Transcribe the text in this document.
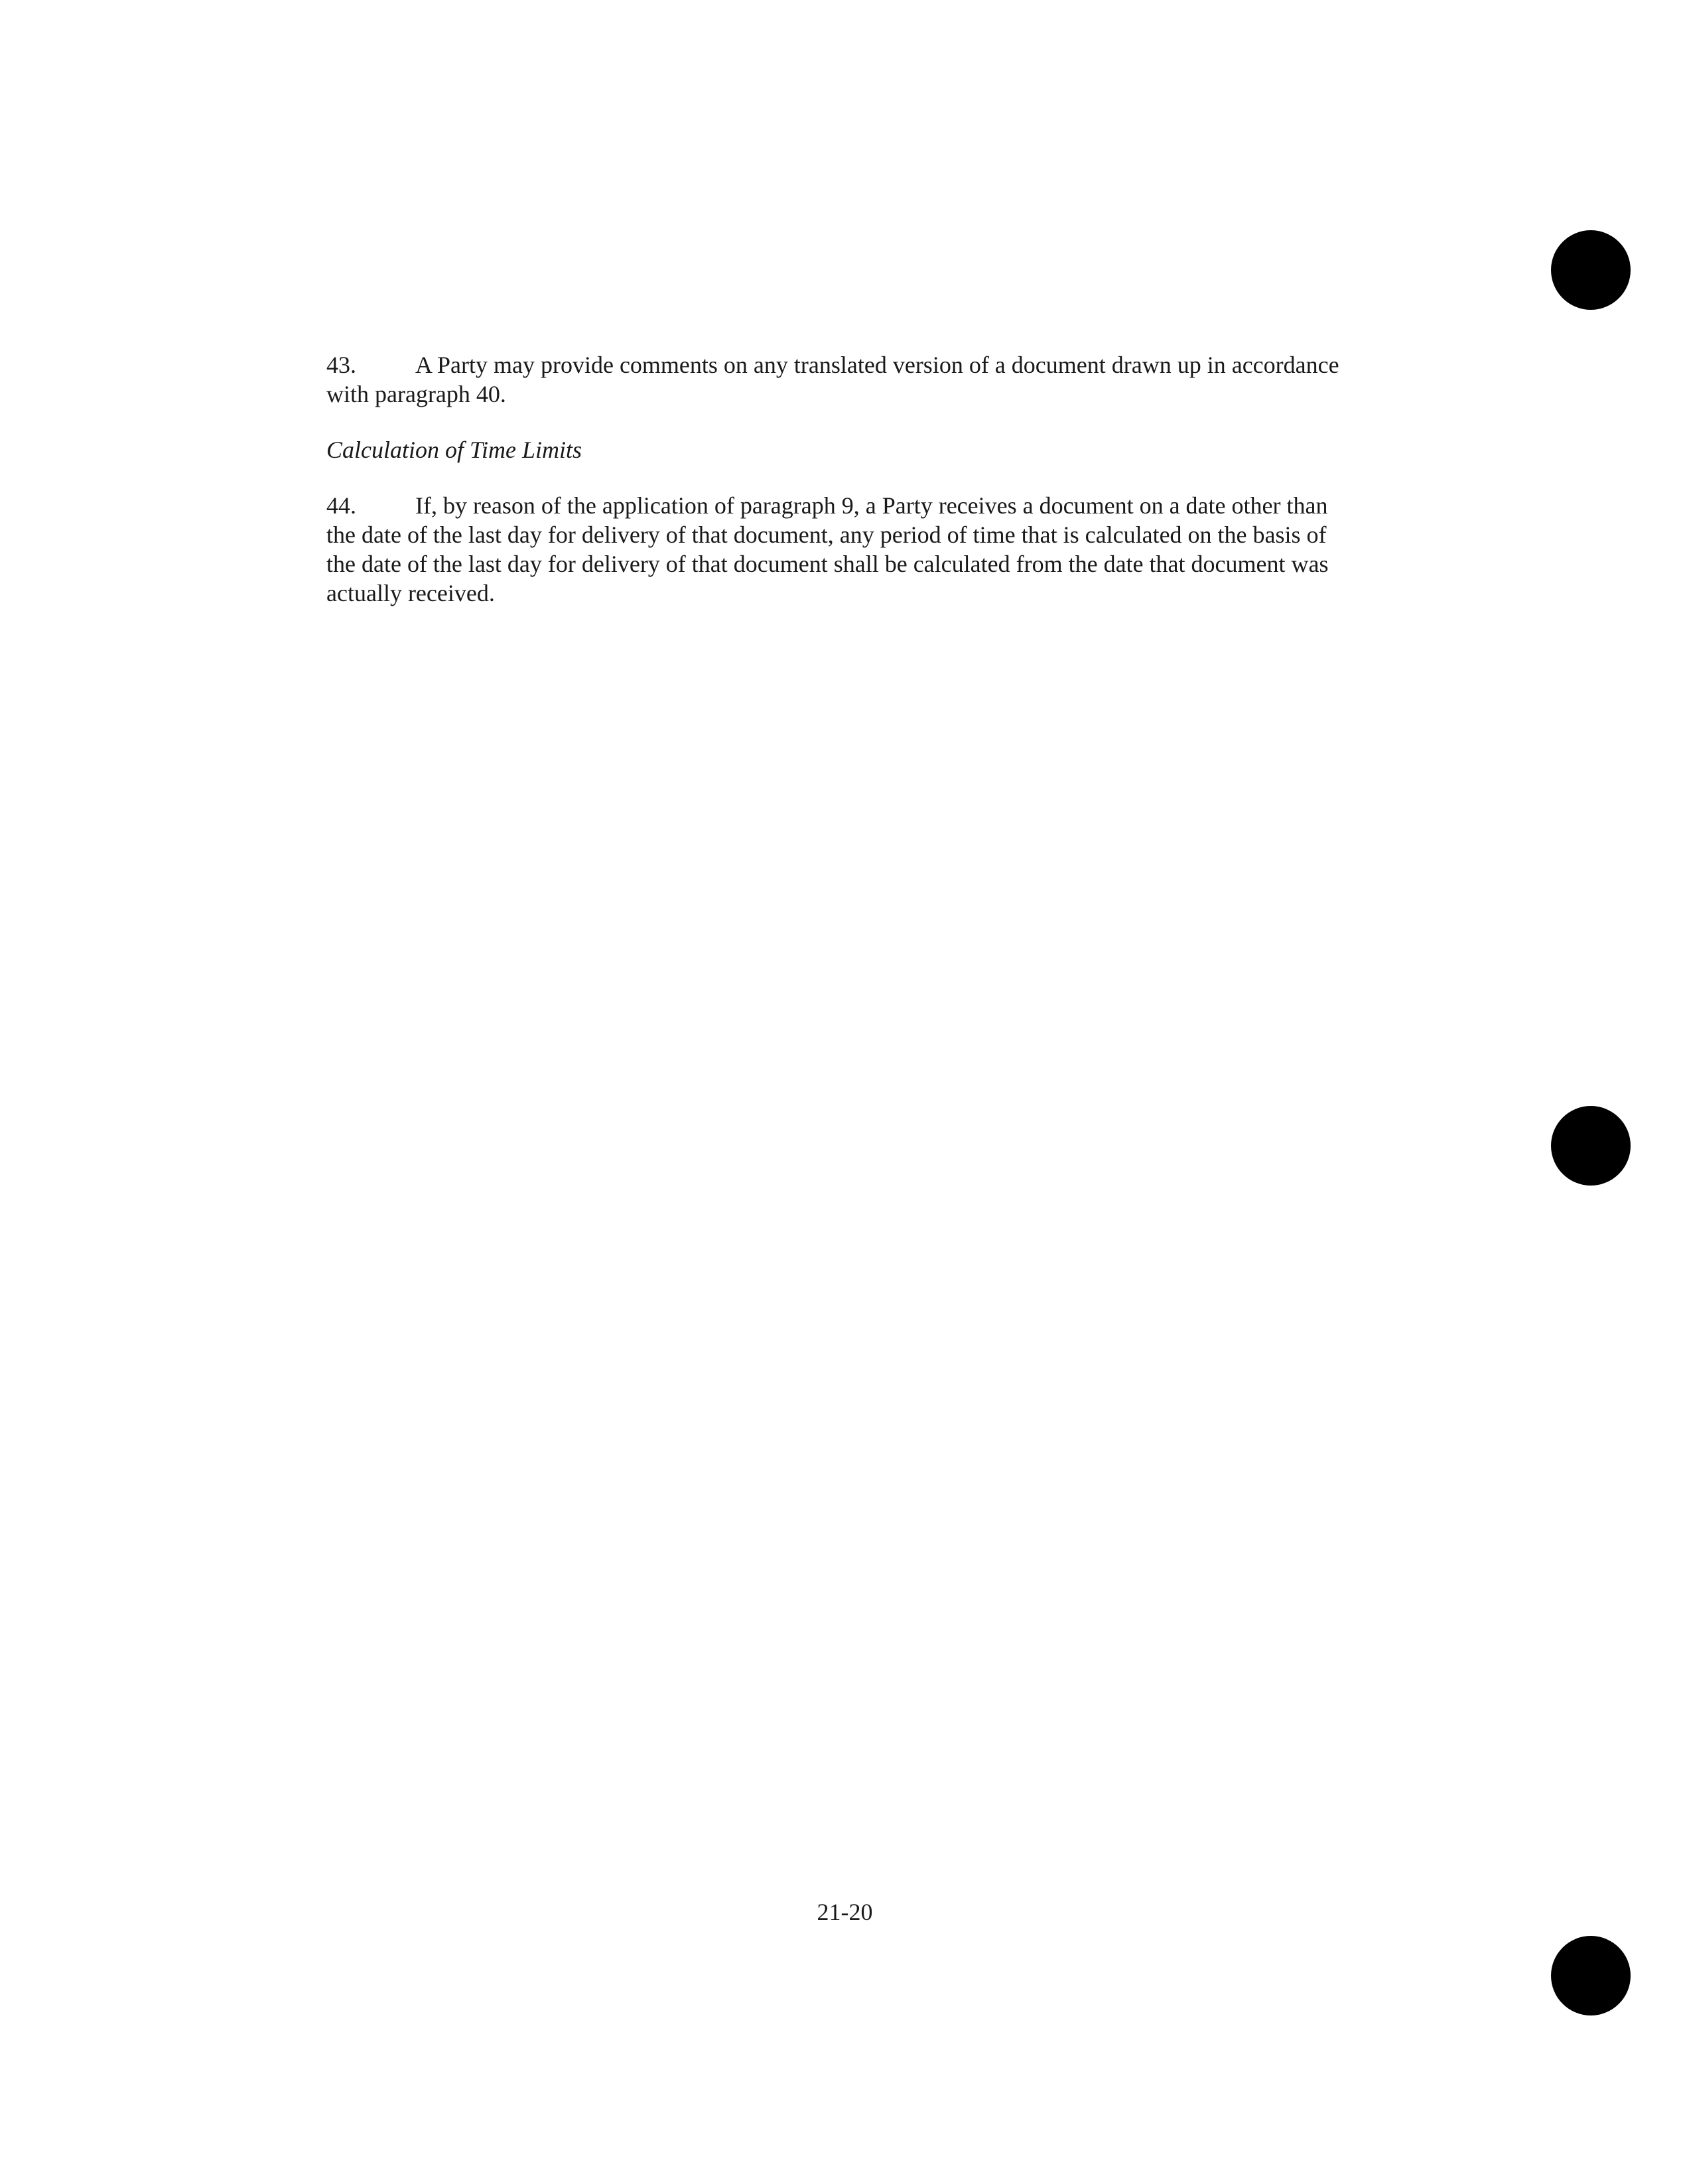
43. A Party may provide comments on any translated version of a document drawn up in accordance with paragraph 40.

Calculation of Time Limits

44. If, by reason of the application of paragraph 9, a Party receives a document on a date other than the date of the last day for delivery of that document, any period of time that is calculated on the basis of the date of the last day for delivery of that document shall be calculated from the date that document was actually received.

21-20
